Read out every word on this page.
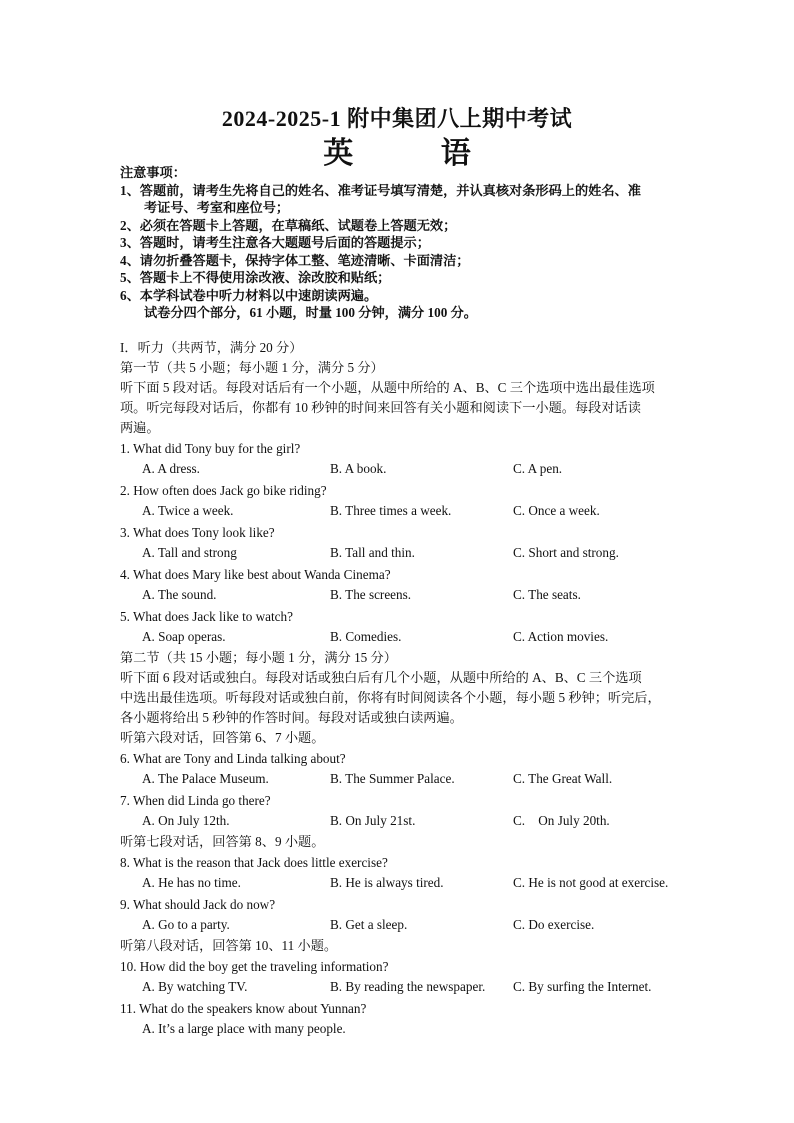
2024-2025-1 附中集团八上期中考试
英 语
注意事项：
1、答题前，请考生先将自己的姓名、准考证号填写清楚，并认真核对条形码上的姓名、准
考证号、考室和座位号；
2、必须在答题卡上答题，在草稿纸、试题卷上答题无效；
3、答题时，请考生注意各大题题号后面的答题提示；
4、请勿折叠答题卡，保持字体工整、笔迹清晰、卡面清洁；
5、答题卡上不得使用涂改液、涂改胶和贴纸；
6、本学科试卷中听力材料以中速朗读两遍。
试卷分四个部分，61 小题，时量 100 分钟，满分 100 分。
I．听力（共两节，满分 20 分）
第一节（共 5 小题；每小题 1 分，满分 5 分）
听下面 5 段对话。每段对话后有一个小题，从题中所给的 A、B、C 三个选项中选出最佳选项
项。听完每段对话后，你都有 10 秒钟的时间来回答有关小题和阅读下一小题。每段对话读
两遍。
1. What did Tony buy for the girl?
A. A dress.	B. A book.	C. A pen.
2. How often does Jack go bike riding?
A. Twice a week.	B. Three times a week.	C. Once a week.
3. What does Tony look like?
A. Tall and strong	B. Tall and thin.	C. Short and strong.
4. What does Mary like best about Wanda Cinema?
A. The sound.	B. The screens.	C. The seats.
5. What does Jack like to watch?
A. Soap operas.	B. Comedies.	C. Action movies.
第二节（共 15 小题；每小题 1 分，满分 15 分）
听下面 6 段对话或独白。每段对话或独白后有几个小题，从题中所给的 A、B、C 三个选项
中选出最佳选项。听每段对话或独白前，你将有时间阅读各个小题，每小题 5 秒钟；听完后，
各小题将给出 5 秒钟的作答时间。每段对话或独白读两遍。
听第六段对话，回答第 6、7 小题。
6. What are Tony and Linda talking about?
A. The Palace Museum.	B. The Summer Palace.	C. The Great Wall.
7. When did Linda go there?
A. On July 12th.	B. On July 21st.	C.    On July 20th.
听第七段对话，回答第 8、9 小题。
8. What is the reason that Jack does little exercise?
A. He has no time.	B. He is always tired.	C. He is not good at exercise.
9. What should Jack do now?
A. Go to a party.	B. Get a sleep.	C. Do exercise.
听第八段对话，回答第 10、11 小题。
10. How did the boy get the traveling information?
A. By watching TV.	B. By reading the newspaper. C. By surfing the Internet.
11. What do the speakers know about Yunnan?
A. It’s a large place with many people.
